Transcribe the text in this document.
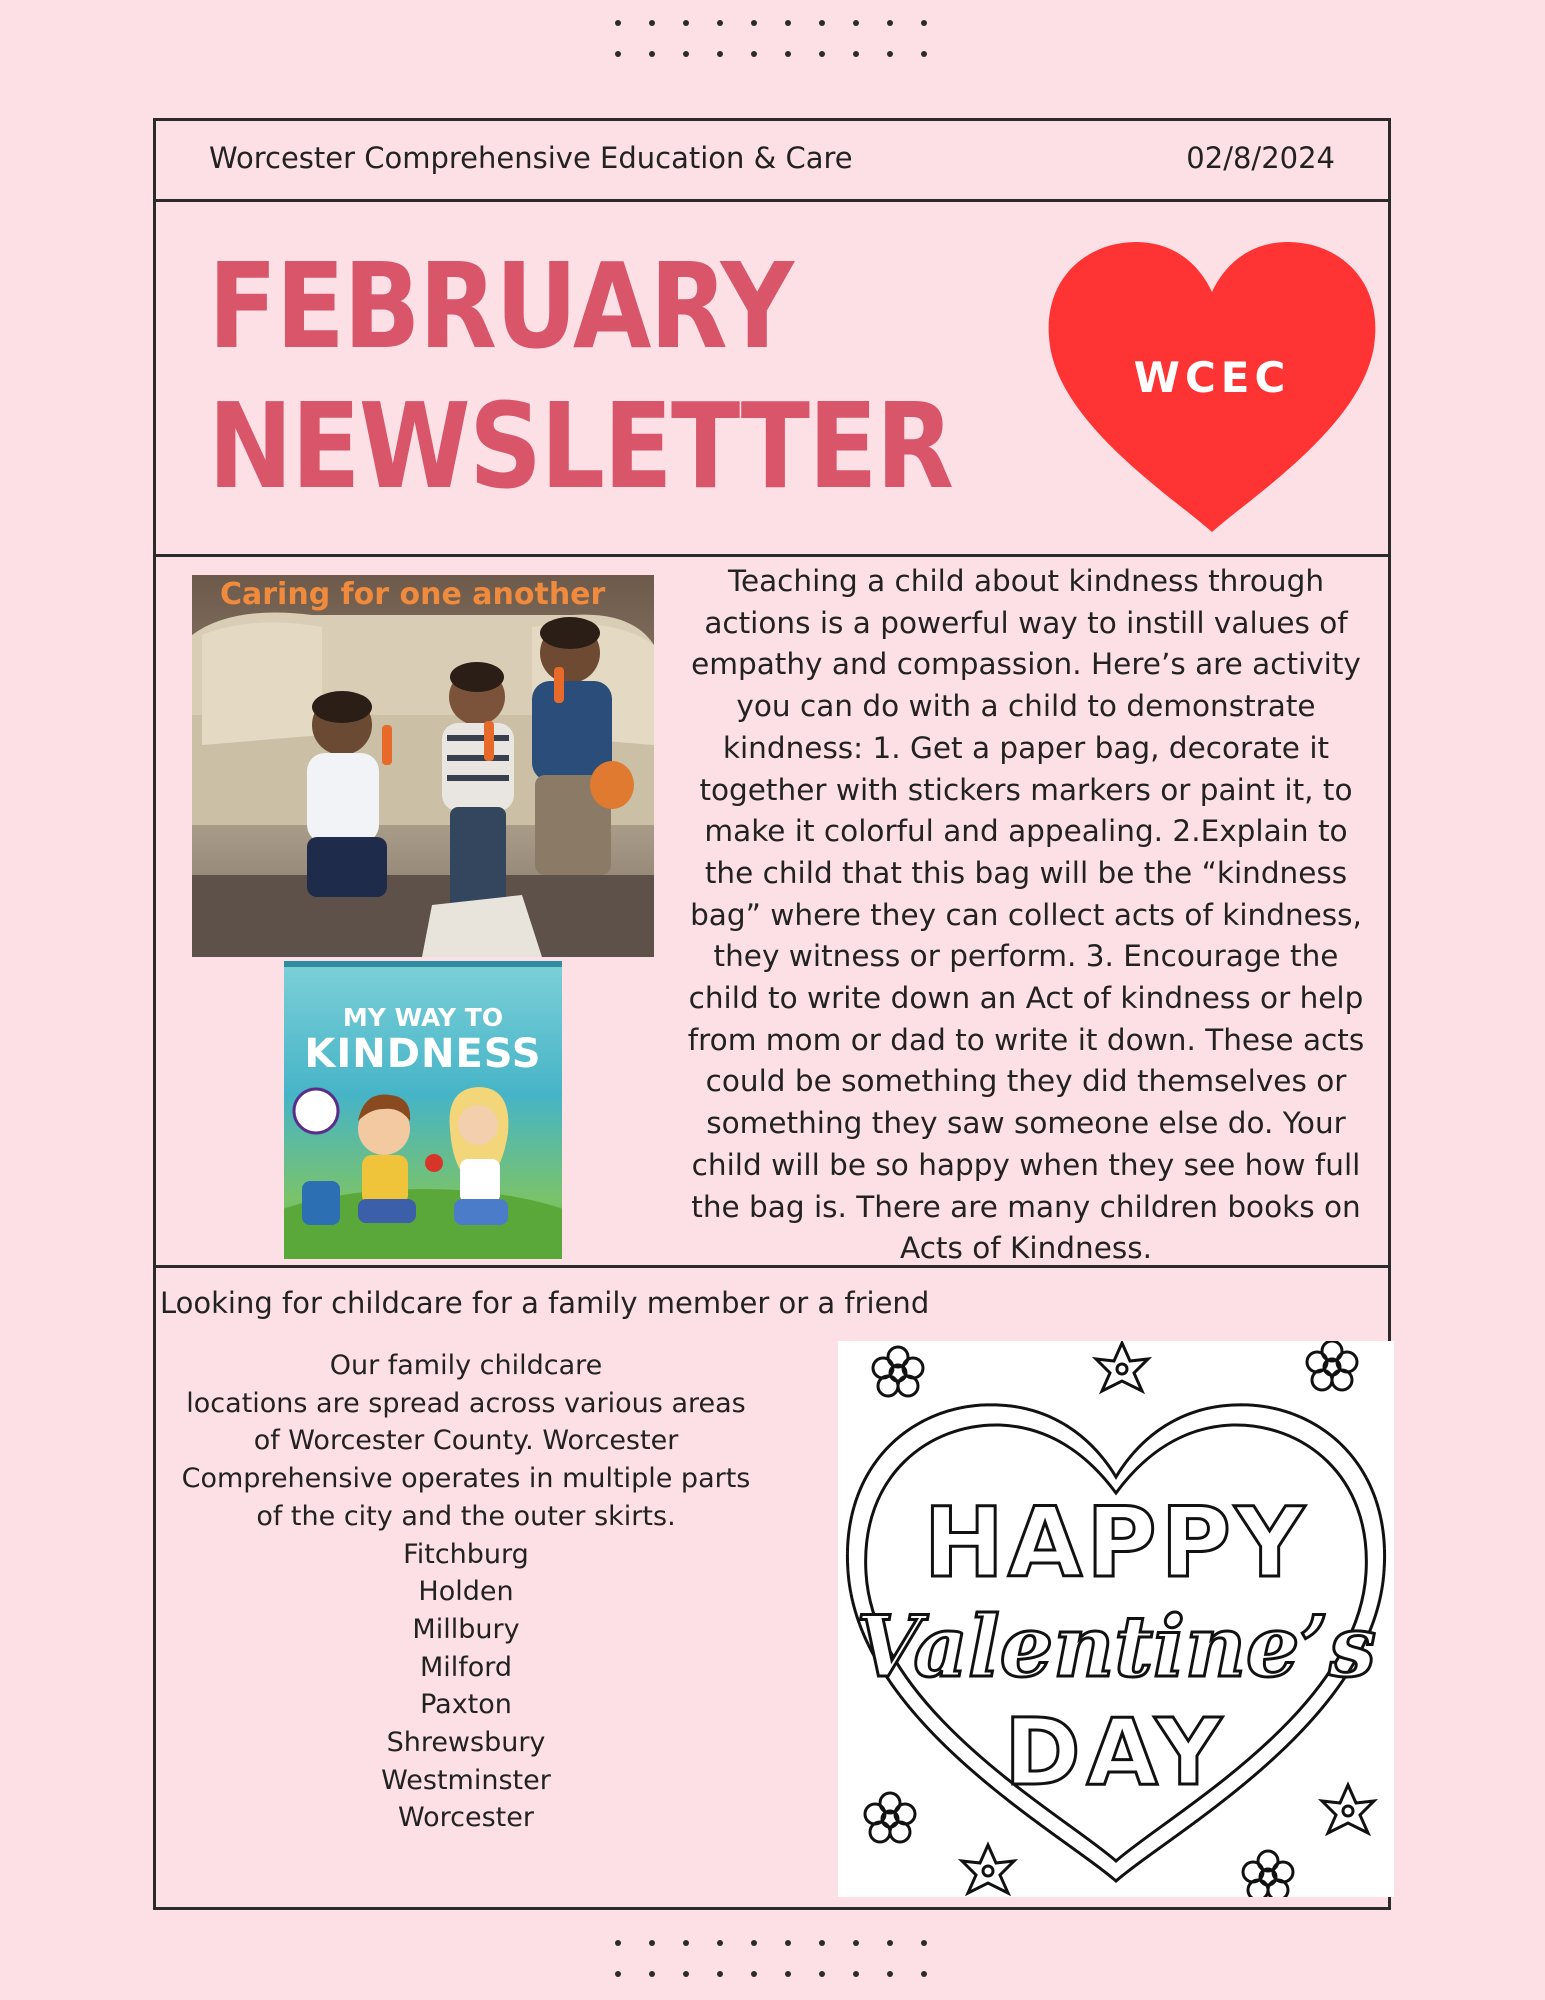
Worcester Comprehensive Education & Care	02/8/2024
FEBRUARY
NEWSLETTER	WCEC
Caring for one another
MY WAY TO
KINDNESS

Teaching a child about kindness through actions is a powerful way to instill values of empathy and compassion. Here’s are activity you can do with a child to demonstrate kindness: 1. Get a paper bag, decorate it together with stickers markers or paint it, to make it colorful and appealing. 2.Explain to the child that this bag will be the “kindness bag” where they can collect acts of kindness, they witness or perform. 3. Encourage the child to write down an Act of kindness or help from mom or dad to write it down. These acts could be something they did themselves or something they saw someone else do. Your child will be so happy when they see how full the bag is. There are many children books on Acts of Kindness.

Looking for childcare for a family member or a friend

Our family childcare

locations are spread across various areas of Worcester County. Worcester Comprehensive operates in multiple parts of the city and the outer skirts.

Fitchburg
Holden
Millbury
Milford
Paxton
Shrewsbury
Westminster
Worcester
HAPPY
Valentine’s
DAY
